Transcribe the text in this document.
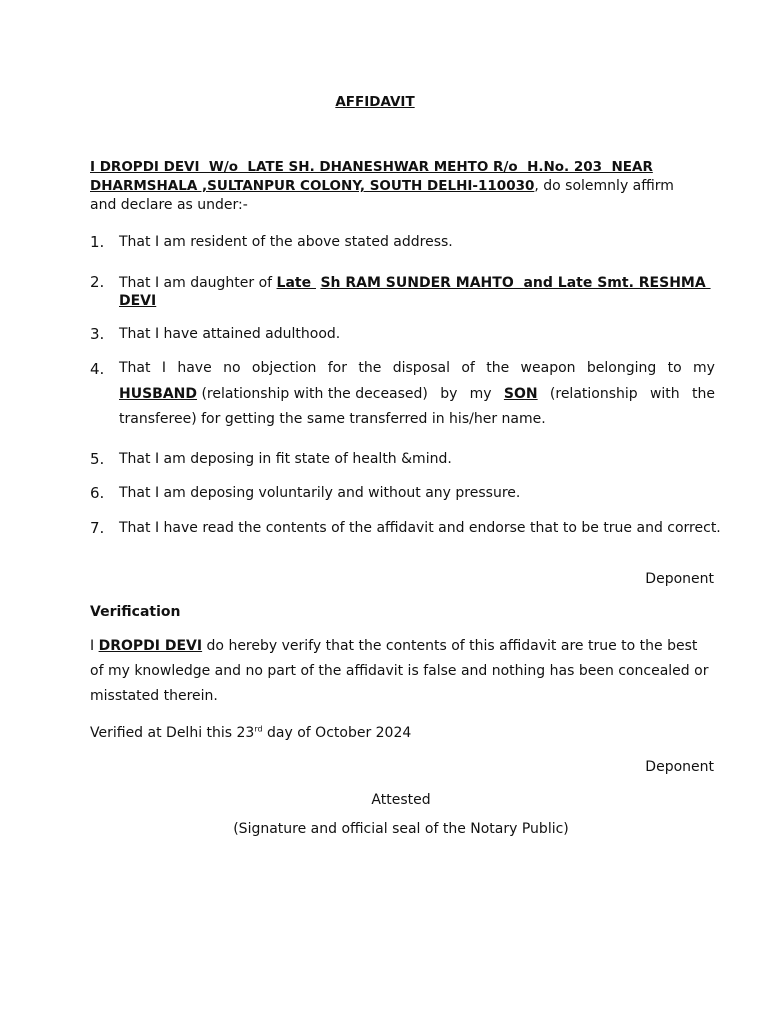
AFFIDAVIT
I DROPDI DEVI  W/o  LATE SH. DHANESHWAR MEHTO R/o  H.No. 203  NEAR
DHARMSHALA ,SULTANPUR COLONY, SOUTH DELHI-110030, do solemnly affirm
and declare as under:-
1. That I am resident of the above stated address.
2. That I am daughter of Late  Sh RAM SUNDER MAHTO  and Late Smt. RESHMA
DEVI
3. That I have attained adulthood.
4. That I have no objection for the disposal of the weapon belonging to my
HUSBAND (relationship with the deceased) by my SON (relationship with the
transferee) for getting the same transferred in his/her name.
5. That I am deposing in fit state of health &mind.
6. That I am deposing voluntarily and without any pressure.
7. That I have read the contents of the affidavit and endorse that to be true and correct.
Deponent
Verification
I DROPDI DEVI do hereby verify that the contents of this affidavit are true to the best
of my knowledge and no part of the affidavit is false and nothing has been concealed or
misstated therein.
Verified at Delhi this 23rd day of October 2024
Deponent
Attested
(Signature and official seal of the Notary Public)
